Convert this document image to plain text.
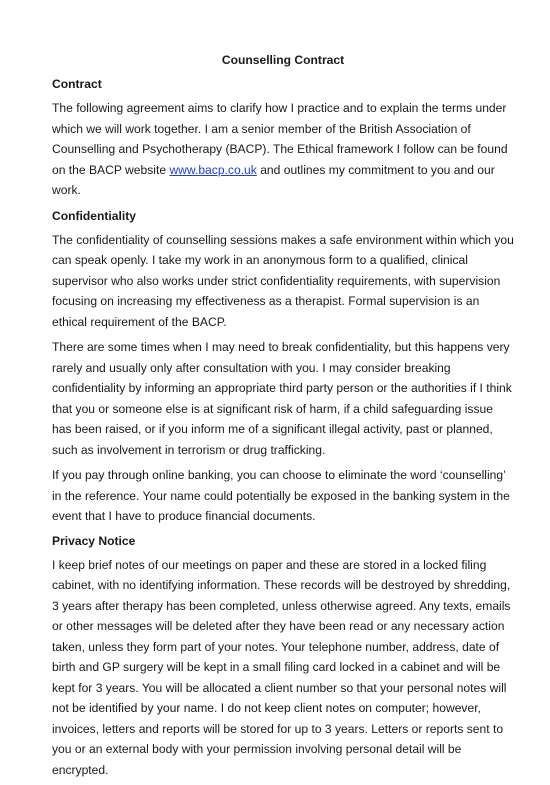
Counselling Contract
Contract

The following agreement aims to clarify how I practice and to explain the terms under which we will work together. I am a senior member of the British Association of Counselling and Psychotherapy (BACP). The Ethical framework I follow can be found on the BACP website www.bacp.co.uk and outlines my commitment to you and our work.

Confidentiality

The confidentiality of counselling sessions makes a safe environment within which you can speak openly. I take my work in an anonymous form to a qualified, clinical supervisor who also works under strict confidentiality requirements, with supervision focusing on increasing my effectiveness as a therapist. Formal supervision is an ethical requirement of the BACP.

There are some times when I may need to break confidentiality, but this happens very rarely and usually only after consultation with you. I may consider breaking confidentiality by informing an appropriate third party person or the authorities if I think that you or someone else is at significant risk of harm, if a child safeguarding issue has been raised, or if you inform me of a significant illegal activity, past or planned, such as involvement in terrorism or drug trafficking.

If you pay through online banking, you can choose to eliminate the word ‘counselling’ in the reference. Your name could potentially be exposed in the banking system in the event that I have to produce financial documents.

Privacy Notice

I keep brief notes of our meetings on paper and these are stored in a locked filing cabinet, with no identifying information. These records will be destroyed by shredding, 3 years after therapy has been completed, unless otherwise agreed. Any texts, emails or other messages will be deleted after they have been read or any necessary action taken, unless they form part of your notes. Your telephone number, address, date of birth and GP surgery will be kept in a small filing card locked in a cabinet and will be kept for 3 years. You will be allocated a client number so that your personal notes will not be identified by your name. I do not keep client notes on computer; however, invoices, letters and reports will be stored for up to 3 years. Letters or reports sent to you or an external body with your permission involving personal detail will be encrypted.
